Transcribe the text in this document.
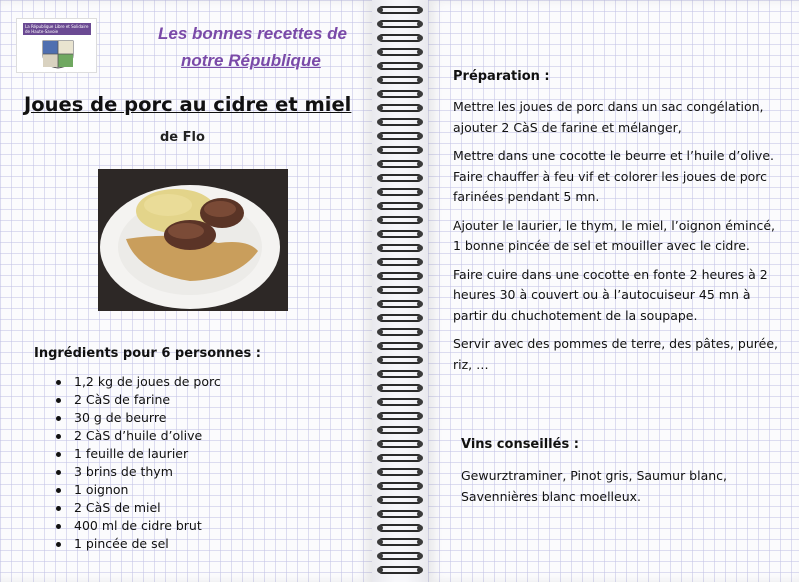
La République Libre et Solidaire de Haute-Savoie	Les bonnes recettes de
notre République
Joues de porc au cidre et miel
de Flo
Ingrédients pour 6 personnes :
1,2 kg de joues de porc
2 CàS de farine
30 g de beurre
2 CàS d’huile d’olive
1 feuille de laurier
3 brins de thym
1 oignon
2 CàS de miel
400 ml de cidre brut
1 pincée de sel
Préparation :

Mettre les joues de porc dans un sac congélation, ajouter 2 CàS de farine et mélanger,

Mettre dans une cocotte le beurre et l’huile d’olive. Faire chauffer à feu vif et colorer les joues de porc farinées pendant 5 mn.

Ajouter le laurier, le thym, le miel, l’oignon émincé, 1 bonne pincée de sel et mouiller avec le cidre.

Faire cuire dans une cocotte en fonte 2 heures à 2 heures 30 à couvert ou à l’autocuiseur 45 mn à partir du chuchotement de la soupape.

Servir avec des pommes de terre, des pâtes, purée, riz, …

Vins conseillés :
Gewurztraminer, Pinot gris, Saumur blanc, Savennières blanc moelleux.
